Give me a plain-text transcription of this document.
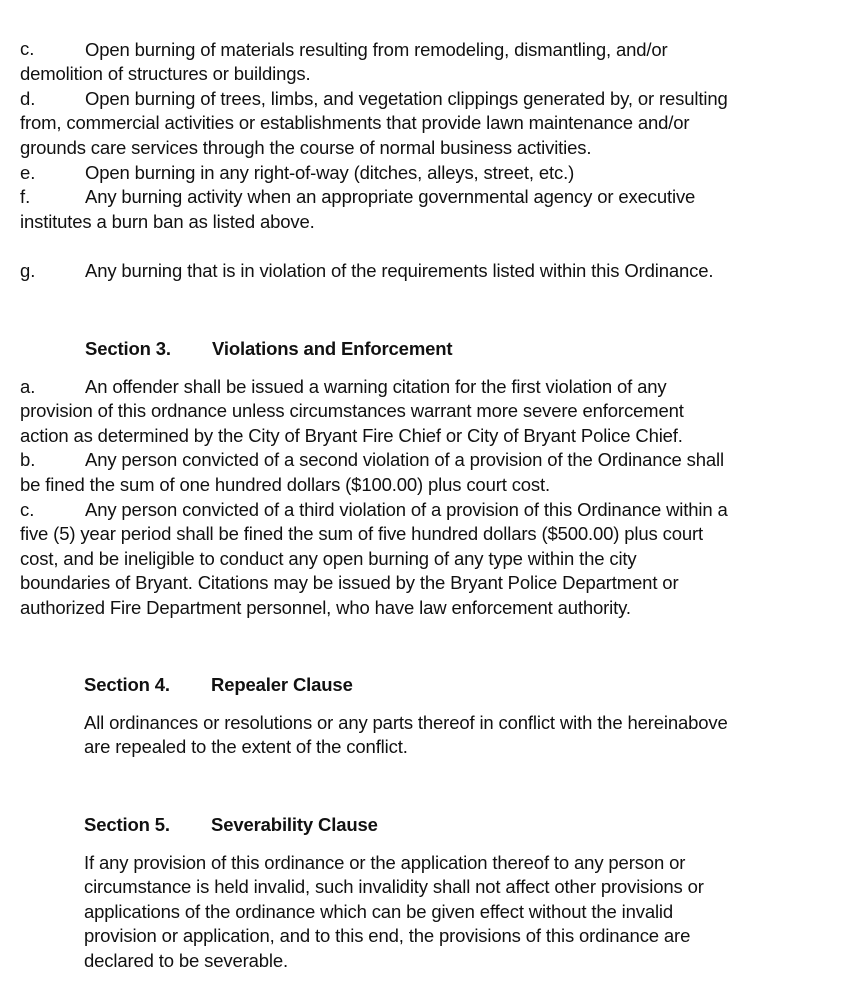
c.	Open burning of materials resulting from remodeling, dismantling, and/or
demolition of structures or buildings.
d.	Open burning of trees, limbs, and vegetation clippings generated by, or resulting
from, commercial activities or establishments that provide lawn maintenance and/or
grounds care services through the course of normal business activities.
e.	Open burning in any right-of-way (ditches, alleys, street, etc.)
f.	Any burning activity when an appropriate governmental agency or executive
institutes a burn ban as listed above.
g.	Any burning that is in violation of the requirements listed within this Ordinance.
Section 3. Violations and Enforcement
a.	An offender shall be issued a warning citation for the first violation of any
provision of this ordnance unless circumstances warrant more severe enforcement
action as determined by the City of Bryant Fire Chief or City of Bryant Police Chief.
b.	Any person convicted of a second violation of a provision of the Ordinance shall
be fined the sum of one hundred dollars ($100.00) plus court cost.
c.	Any person convicted of a third violation of a provision of this Ordinance within a
five (5) year period shall be fined the sum of five hundred dollars ($500.00) plus court
cost, and be ineligible to conduct any open burning of any type within the city
boundaries of Bryant. Citations may be issued by the Bryant Police Department or
authorized Fire Department personnel, who have law enforcement authority.
Section 4. Repealer Clause
All ordinances or resolutions or any parts thereof in conflict with the hereinabove
are repealed to the extent of the conflict.
Section 5. Severability Clause
If any provision of this ordinance or the application thereof to any person or
circumstance is held invalid, such invalidity shall not affect other provisions or
applications of the ordinance which can be given effect without the invalid
provision or application, and to this end, the provisions of this ordinance are
declared to be severable.
